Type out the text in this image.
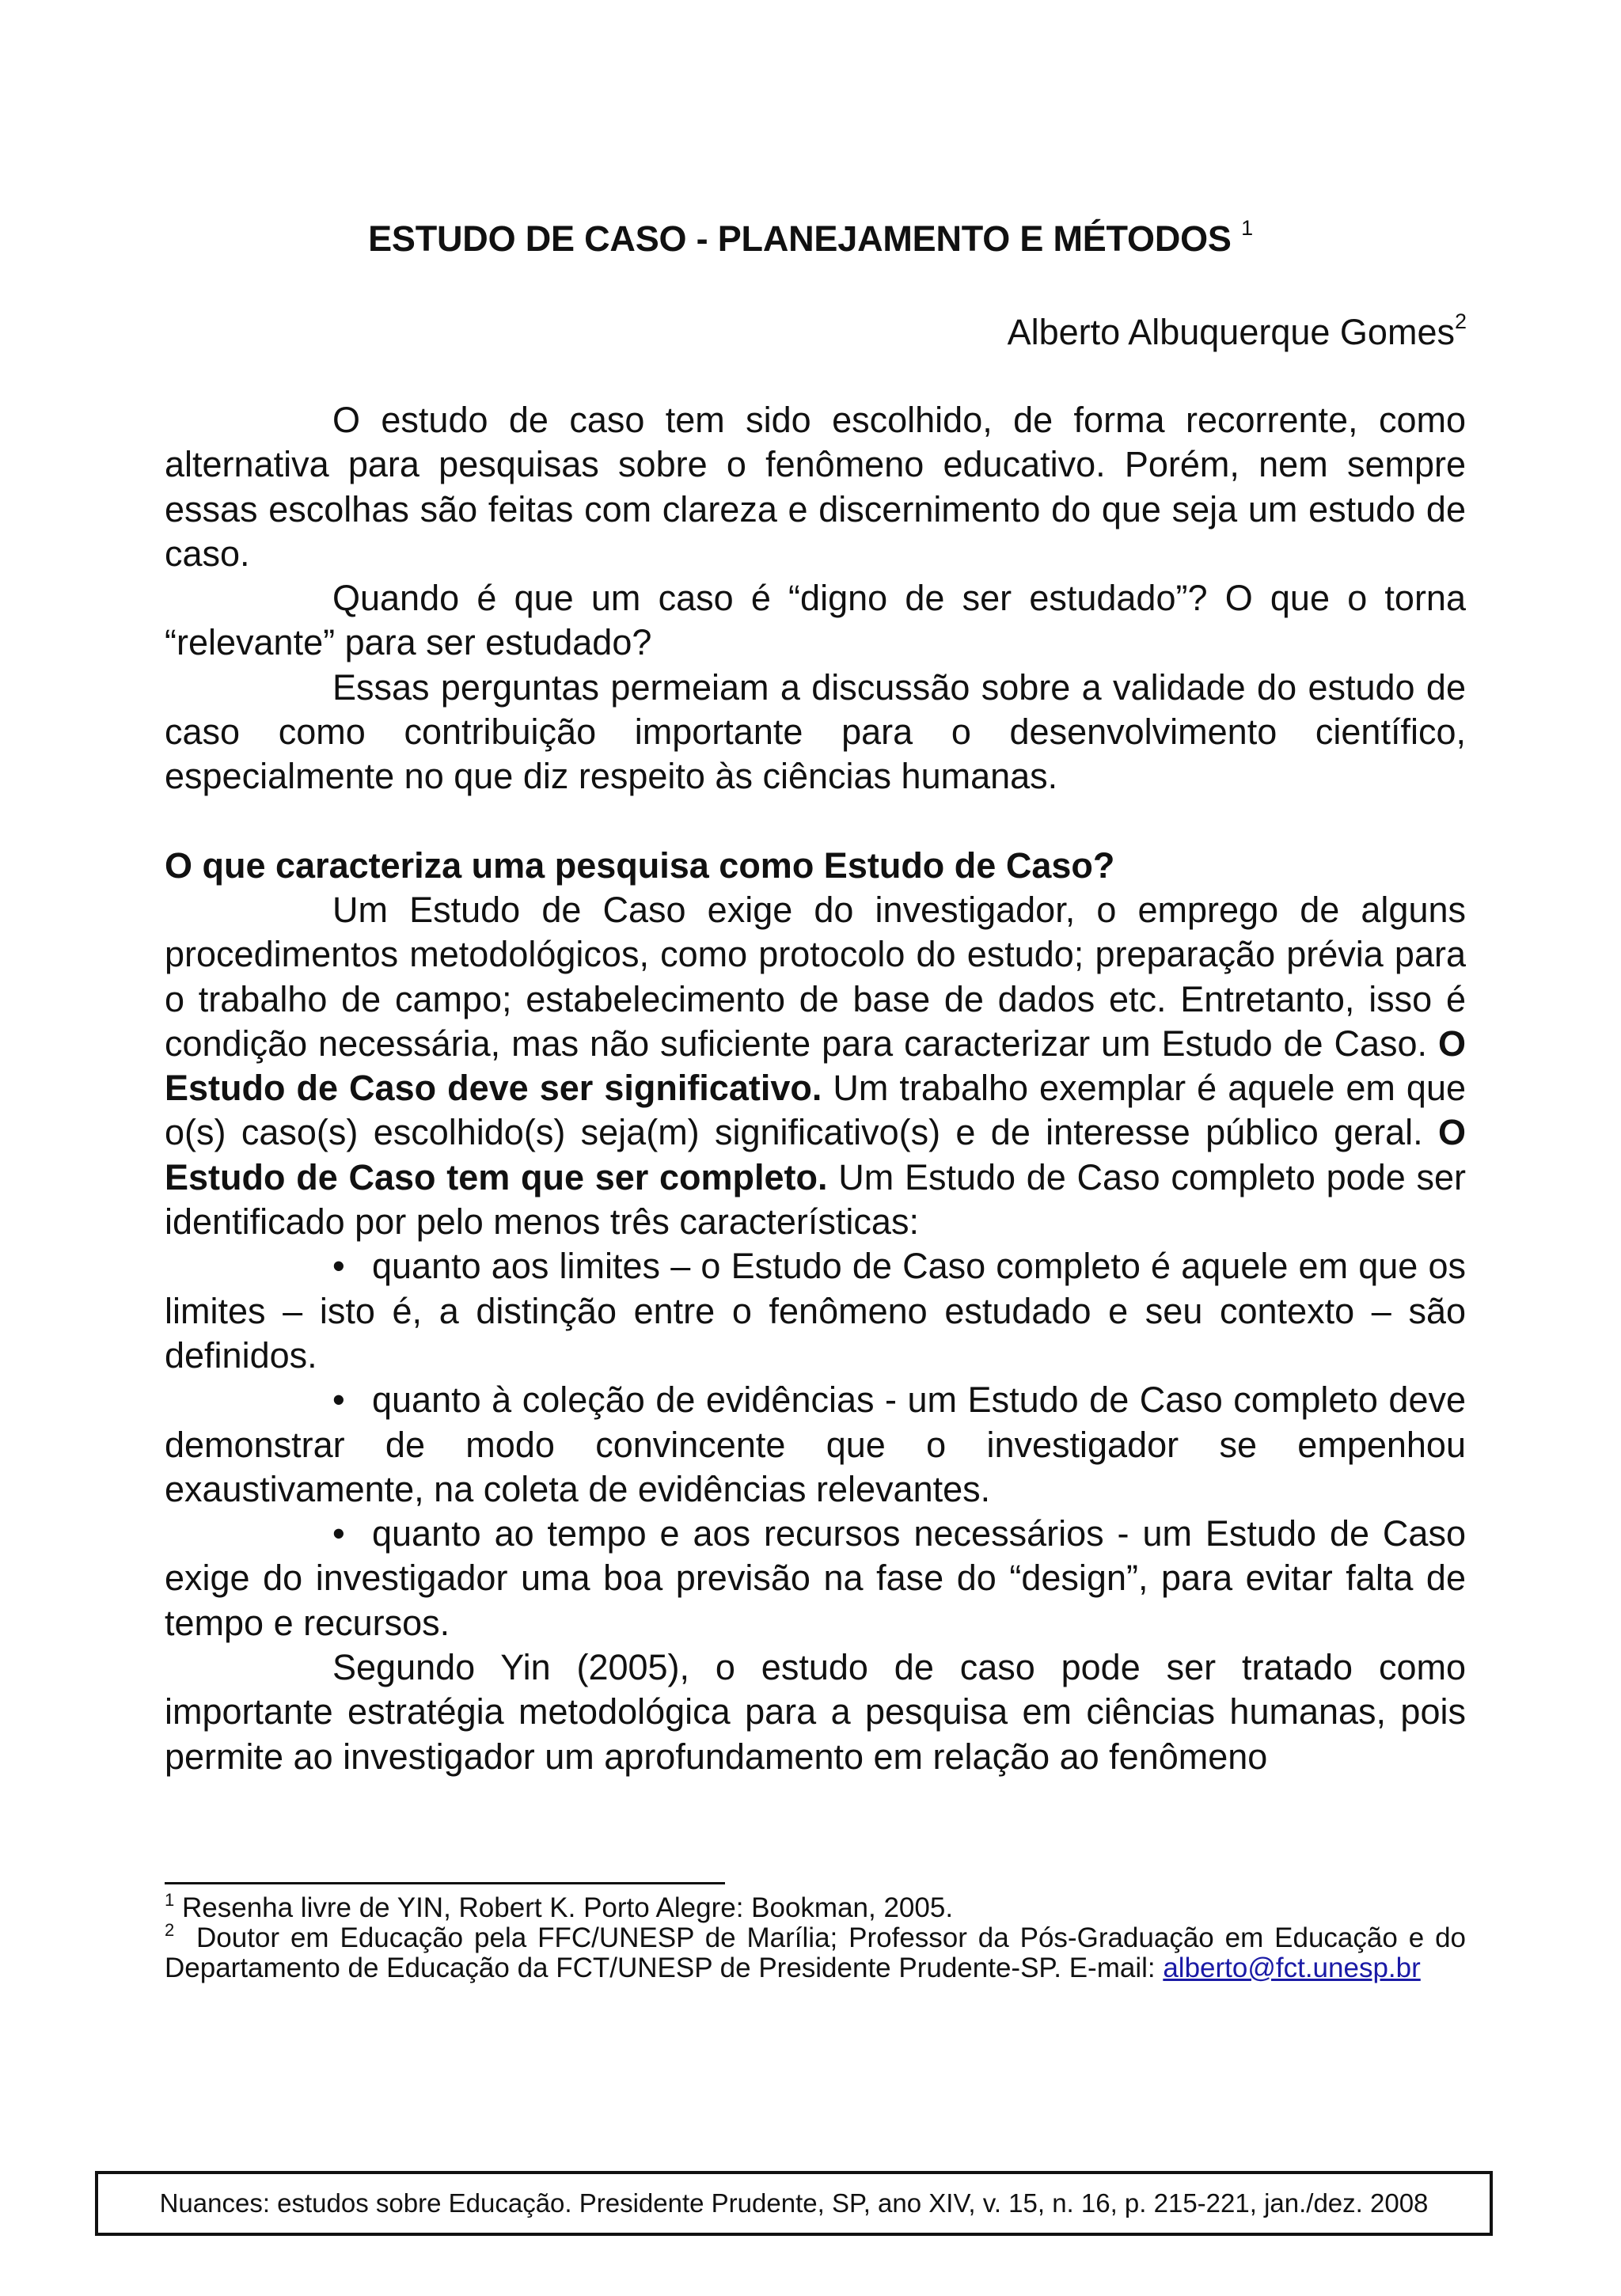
ESTUDO DE CASO - PLANEJAMENTO E MÉTODOS $^1$
Alberto Albuquerque Gomes$^2$

O estudo de caso tem sido escolhido, de forma recorrente, como alternativa para pesquisas sobre o fenômeno educativo. Porém, nem sempre essas escolhas são feitas com clareza e discernimento do que seja um estudo de caso.

Quando é que um caso é “digno de ser estudado”? O que o torna “relevante” para ser estudado?

Essas perguntas permeiam a discussão sobre a validade do estudo de caso como contribuição importante para o desenvolvimento científico, especialmente no que diz respeito às ciências humanas.

O que caracteriza uma pesquisa como Estudo de Caso?

Um Estudo de Caso exige do investigador, o emprego de alguns procedimentos metodológicos, como protocolo do estudo; preparação prévia para o trabalho de campo; estabelecimento de base de dados etc. Entretanto, isso é condição necessária, mas não suficiente para caracterizar um Estudo de Caso. O Estudo de Caso deve ser significativo. Um trabalho exemplar é aquele em que o(s) caso(s) escolhido(s) seja(m) significativo(s) e de interesse público geral. O Estudo de Caso tem que ser completo. Um Estudo de Caso completo pode ser identificado por pelo menos três características:

• quanto aos limites – o Estudo de Caso completo é aquele em que os limites – isto é, a distinção entre o fenômeno estudado e seu contexto – são definidos.

• quanto à coleção de evidências - um Estudo de Caso completo deve demonstrar de modo convincente que o investigador se empenhou exaustivamente, na coleta de evidências relevantes.

• quanto ao tempo e aos recursos necessários - um Estudo de Caso exige do investigador uma boa previsão na fase do “design”, para evitar falta de tempo e recursos.

Segundo Yin (2005), o estudo de caso pode ser tratado como importante estratégia metodológica para a pesquisa em ciências humanas, pois permite ao investigador um aprofundamento em relação ao fenômeno

$^1$ Resenha livre de YIN, Robert K. Porto Alegre: Bookman, 2005.

$^2$ Doutor em Educação pela FFC/UNESP de Marília; Professor da Pós-Graduação em Educação e do Departamento de Educação da FCT/UNESP de Presidente Prudente-SP. E-mail: alberto@fct.unesp.br

Nuances: estudos sobre Educação. Presidente Prudente, SP, ano XIV, v. 15, n. 16, p. 215-221, jan./dez. 2008
